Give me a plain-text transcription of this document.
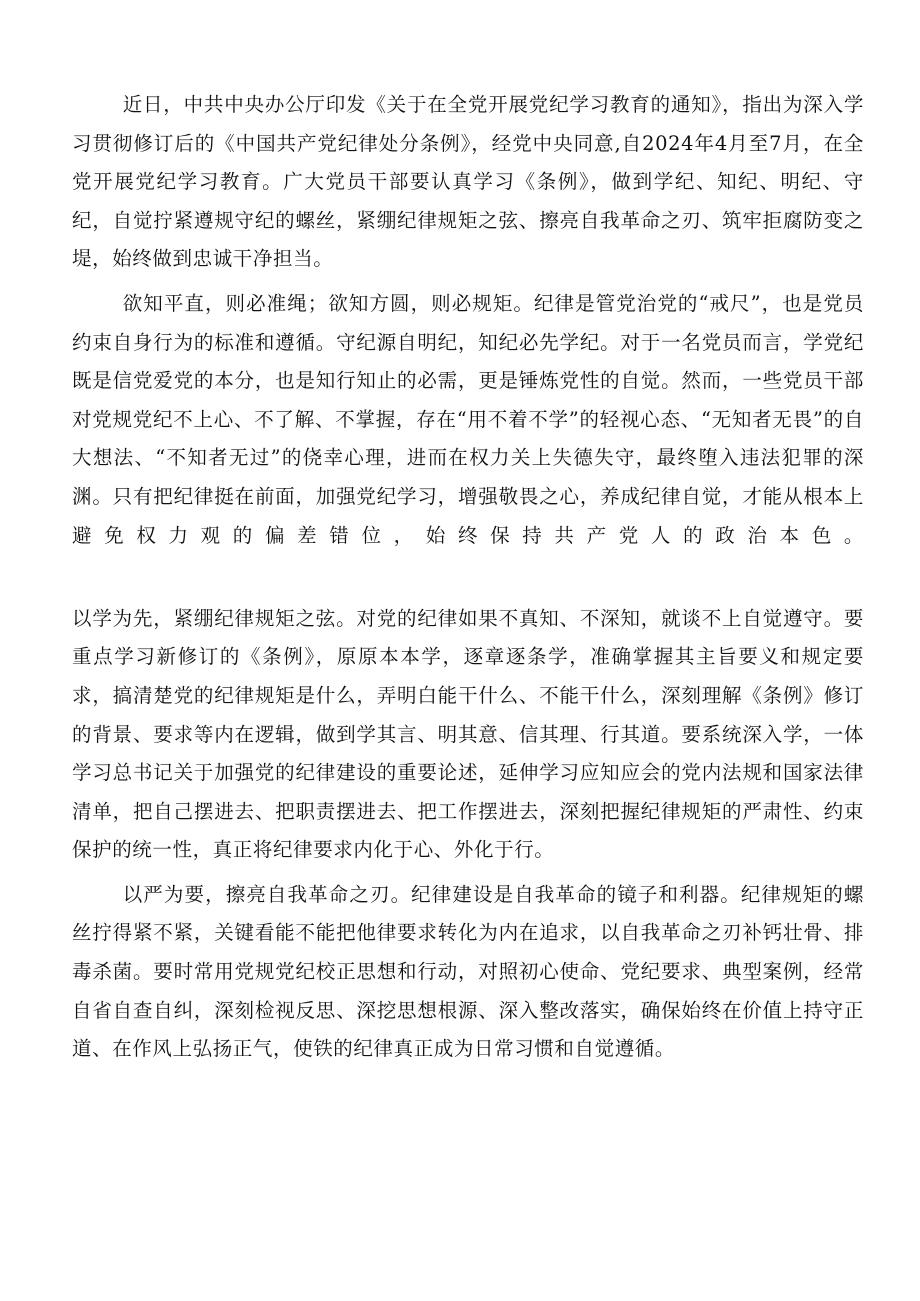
近日，中共中央办公厅印发《关于在全党开展党纪学习教育的通知》，指出为深入学习贯彻修订后的《中国共产党纪律处分条例》，经党中央同意,自2024年4月至7月，在全党开展党纪学习教育。广大党员干部要认真学习《条例》，做到学纪、知纪、明纪、守纪，自觉拧紧遵规守纪的螺丝，紧绷纪律规矩之弦、擦亮自我革命之刃、筑牢拒腐防变之堤，始终做到忠诚干净担当。

欲知平直，则必准绳；欲知方圆，则必规矩。纪律是管党治党的“戒尺”，也是党员约束自身行为的标准和遵循。守纪源自明纪，知纪必先学纪。对于一名党员而言，学党纪既是信党爱党的本分，也是知行知止的必需，更是锤炼党性的自觉。然而，一些党员干部对党规党纪不上心、不了解、不掌握，存在“用不着不学”的轻视心态、“无知者无畏”的自大想法、“不知者无过”的侥幸心理，进而在权力关上失德失守，最终堕入违法犯罪的深渊。只有把纪律挺在前面，加强党纪学习，增强敬畏之心，养成纪律自觉，才能从根本上避免权力观的偏差错位，始终保持共产党人的政治本色。

以学为先，紧绷纪律规矩之弦。对党的纪律如果不真知、不深知，就谈不上自觉遵守。要重点学习新修订的《条例》，原原本本学，逐章逐条学，准确掌握其主旨要义和规定要求，搞清楚党的纪律规矩是什么，弄明白能干什么、不能干什么，深刻理解《条例》修订的背景、要求等内在逻辑，做到学其言、明其意、信其理、行其道。要系统深入学，一体学习总书记关于加强党的纪律建设的重要论述，延伸学习应知应会的党内法规和国家法律清单，把自己摆进去、把职责摆进去、把工作摆进去，深刻把握纪律规矩的严肃性、约束保护的统一性，真正将纪律要求内化于心、外化于行。

以严为要，擦亮自我革命之刃。纪律建设是自我革命的镜子和利器。纪律规矩的螺丝拧得紧不紧，关键看能不能把他律要求转化为内在追求，以自我革命之刃补钙壮骨、排毒杀菌。要时常用党规党纪校正思想和行动，对照初心使命、党纪要求、典型案例，经常自省自查自纠，深刻检视反思、深挖思想根源、深入整改落实，确保始终在价值上持守正道、在作风上弘扬正气，使铁的纪律真正成为日常习惯和自觉遵循。
